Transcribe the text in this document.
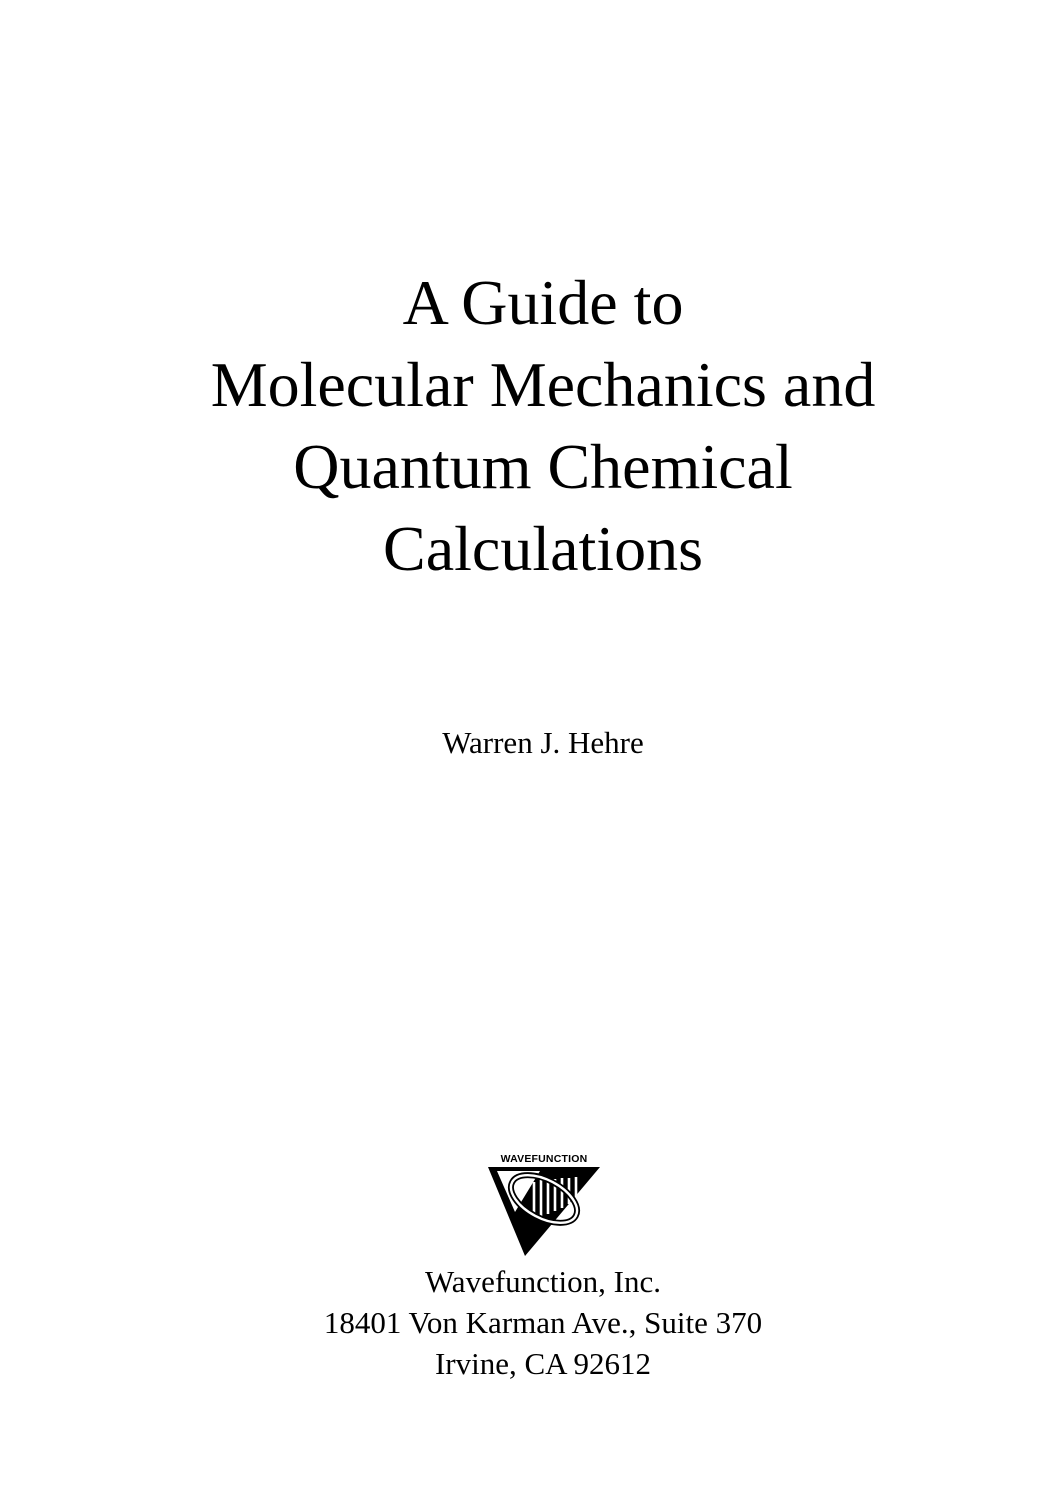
A Guide to
Molecular Mechanics and
Quantum Chemical
Calculations
Warren J. Hehre
WAVEFUNCTION
Wavefunction, Inc.
18401 Von Karman Ave., Suite 370
Irvine, CA 92612
